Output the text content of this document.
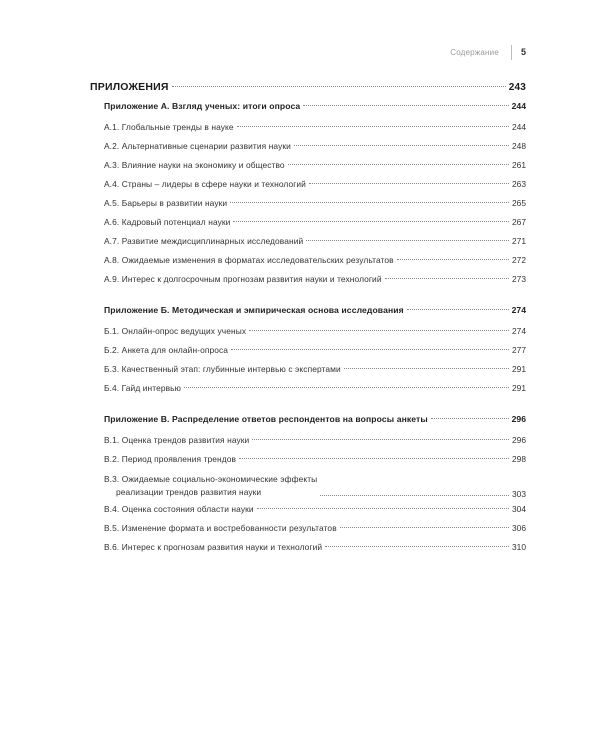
Содержание 5
ПРИЛОЖЕНИЯ	243
Приложение А. Взгляд ученых: итоги опроса	244
А.1. Глобальные тренды в науке	244
А.2. Альтернативные сценарии развития науки	248
А.3. Влияние науки на экономику и общество	261
А.4. Страны – лидеры в сфере науки и технологий	263
А.5. Барьеры в развитии науки	265
А.6. Кадровый потенциал науки	267
А.7. Развитие междисциплинарных исследований	271
А.8. Ожидаемые изменения в форматах исследовательских результатов	272
А.9. Интерес к долгосрочным прогнозам развития науки и технологий	273
Приложение Б. Методическая и эмпирическая основа исследования	274
Б.1. Онлайн-опрос ведущих ученых	274
Б.2. Анкета для онлайн-опроса	277
Б.3. Качественный этап: глубинные интервью с экспертами	291
Б.4. Гайд интервью	291
Приложение В. Распределение ответов респондентов на вопросы анкеты	296
В.1. Оценка трендов развития науки	296
В.2. Период проявления трендов	298
В.3. Ожидаемые социально-экономические эффекты
реализации трендов развития науки	303
В.4. Оценка состояния области науки	304
В.5. Изменение формата и востребованности результатов	306
В.6. Интерес к прогнозам развития науки и технологий	310
